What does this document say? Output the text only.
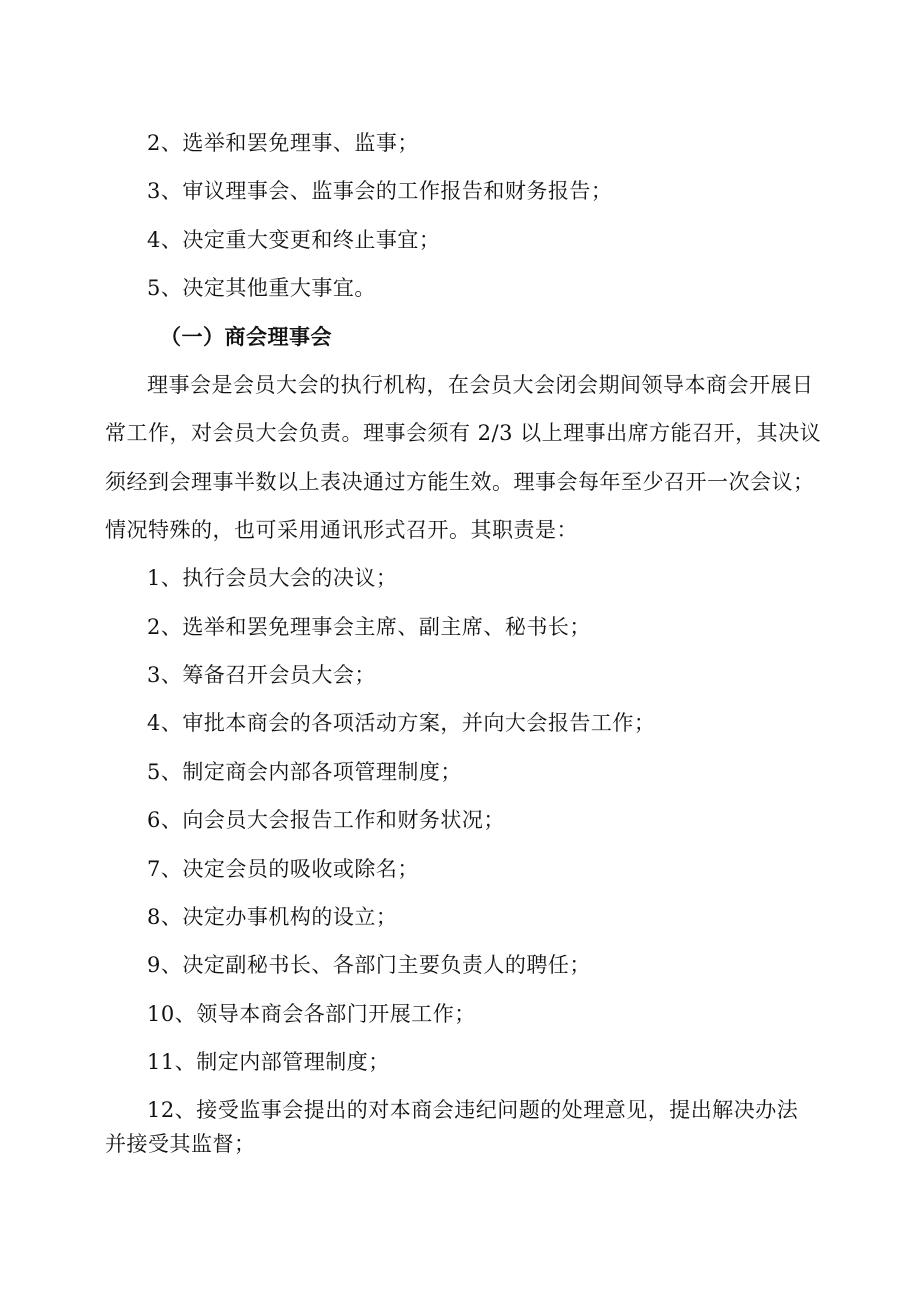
2、选举和罢免理事、监事；
3、审议理事会、监事会的工作报告和财务报告；
4、决定重大变更和终止事宜；
5、决定其他重大事宜。
（一）商会理事会
理事会是会员大会的执行机构，在会员大会闭会期间领导本商会开展日
常工作，对会员大会负责。理事会须有 2/3 以上理事出席方能召开，其决议
须经到会理事半数以上表决通过方能生效。理事会每年至少召开一次会议；
情况特殊的，也可采用通讯形式召开。其职责是：
1、执行会员大会的决议；
2、选举和罢免理事会主席、副主席、秘书长；
3、筹备召开会员大会；
4、审批本商会的各项活动方案，并向大会报告工作；
5、制定商会内部各项管理制度；
6、向会员大会报告工作和财务状况；
7、决定会员的吸收或除名；
8、决定办事机构的设立；
9、决定副秘书长、各部门主要负责人的聘任；
10、领导本商会各部门开展工作；
11、制定内部管理制度；
12、接受监事会提出的对本商会违纪问题的处理意见，提出解决办法
并接受其监督；
